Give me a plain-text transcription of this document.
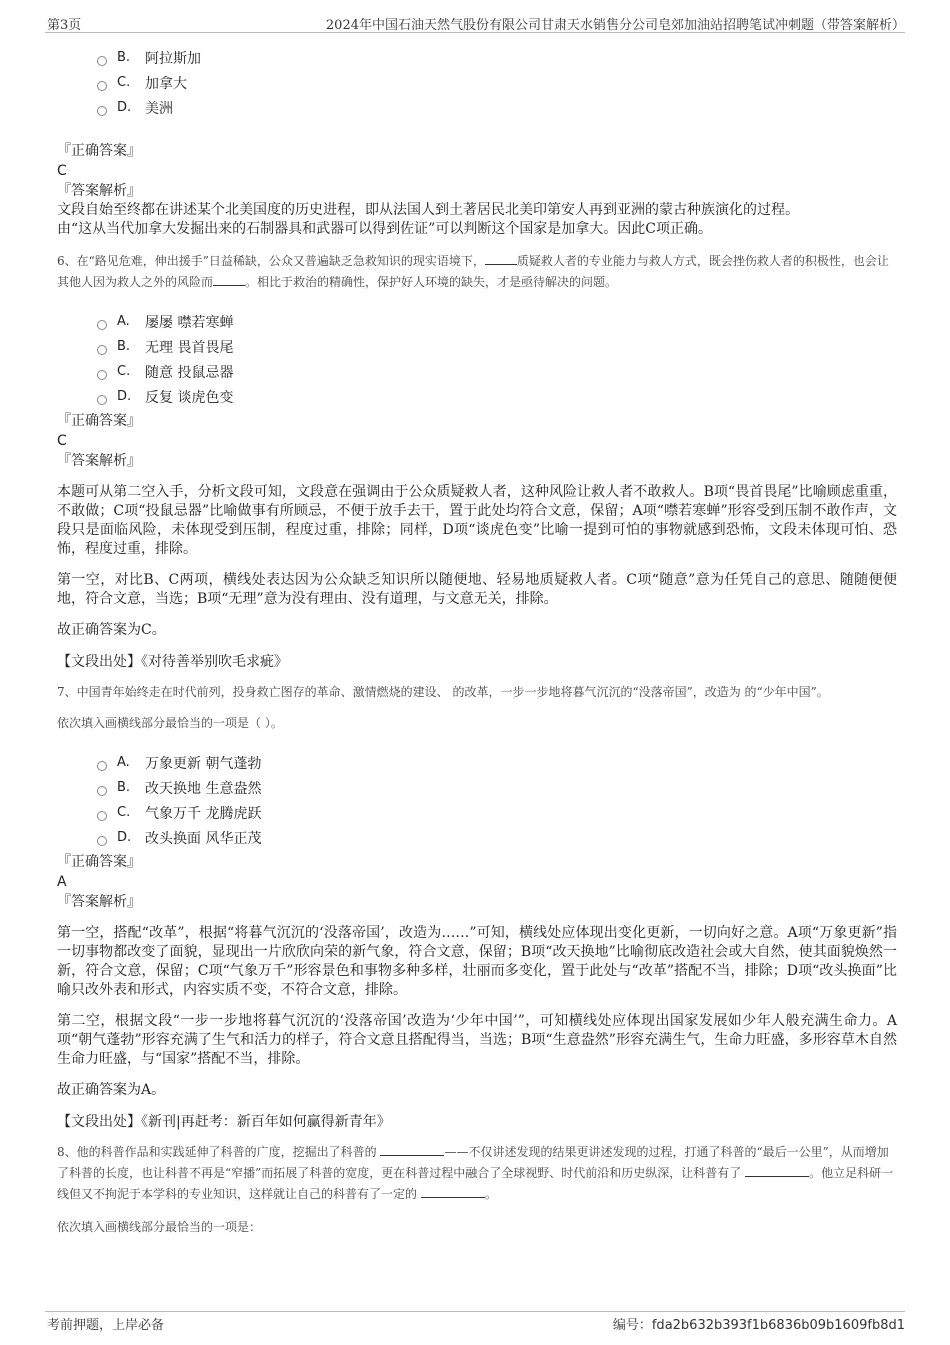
第3页	2024年中国石油天然气股份有限公司甘肃天水销售分公司皂郊加油站招聘笔试冲刺题（带答案解析）
B.	阿拉斯加
C.	加拿大
D. 美洲
『正确答案』
C
『答案解析』

文段自始至终都在讲述某个北美国度的历史进程，即从法国人到土著居民北美印第安人再到亚洲的蒙古种族演化的过程。

由“这从当代加拿大发掘出来的石制器具和武器可以得到佐证”可以判断这个国家是加拿大。因此C项正确。

6、在“路见危难，伸出援手”日益稀缺，公众又普遍缺乏急救知识的现实语境下，	质疑救人者的专业能力与救人方式，既会挫伤救人者的积极性，也会让其他人因为救人之外的风险而	。相比于救治的精确性，保护好人环境的缺失，才是亟待解决的问题。

A.	屡屡 噤若寒蝉
B.	无理 畏首畏尾
C.	随意 投鼠忌器
D. 反复 谈虎色变
『正确答案』
C
『答案解析』

本题可从第二空入手，分析文段可知，文段意在强调由于公众质疑救人者，这种风险让救人者不敢救人。B项“畏首畏尾”比喻顾虑重重，不敢做；C项“投鼠忌器”比喻做事有所顾忌，不便于放手去干，置于此处均符合文意，保留；A项“噤若寒蝉”形容受到压制不敢作声，文段只是面临风险，未体现受到压制，程度过重，排除；同样，D项“谈虎色变”比喻一提到可怕的事物就感到恐怖，文段未体现可怕、恐怖，程度过重，排除。

第一空，对比B、C两项，横线处表达因为公众缺乏知识所以随便地、轻易地质疑救人者。C项“随意”意为任凭自己的意思、随随便便地，符合文意，当选；B项“无理”意为没有理由、没有道理，与文意无关，排除。

故正确答案为C。

【文段出处】《对待善举别吹毛求疵》

7、中国青年始终走在时代前列，投身救亡图存的革命、激情燃烧的建设、 的改革，一步一步地将暮气沉沉的“没落帝国”，改造为 的“少年中国”。

依次填入画横线部分最恰当的一项是（ ）。

A.	万象更新 朝气蓬勃
B.	改天换地 生意盎然
C.	气象万千 龙腾虎跃
D. 改头换面 风华正茂
『正确答案』
A
『答案解析』

第一空，搭配“改革”，根据“将暮气沉沉的‘没落帝国’，改造为……”可知，横线处应体现出变化更新，一切向好之意。A项“万象更新”指一切事物都改变了面貌，显现出一片欣欣向荣的新气象，符合文意，保留；B项“改天换地”比喻彻底改造社会或大自然，使其面貌焕然一新，符合文意，保留；C项“气象万千”形容景色和事物多种多样，壮丽而多变化，置于此处与“改革”搭配不当，排除；D项“改头换面”比喻只改外表和形式，内容实质不变，不符合文意，排除。

第二空，根据文段“一步一步地将暮气沉沉的‘没落帝国’改造为‘少年中国’”，可知横线处应体现出国家发展如少年人般充满生命力。A项“朝气蓬勃”形容充满了生气和活力的样子，符合文意且搭配得当，当选；B项“生意盎然”形容充满生气，生命力旺盛，多形容草木自然生命力旺盛，与“国家”搭配不当，排除。

故正确答案为A。

【文段出处】《新刊|再赶考：新百年如何赢得新青年》

8、他的科普作品和实践延伸了科普的广度，挖掘出了科普的	——不仅讲述发现的结果更讲述发现的过程，打通了科普的“最后一公里”，从而增加了科普的长度，也让科普不再是“窄播”而拓展了科普的宽度，更在科普过程中融合了全球视野、时代前沿和历史纵深，让科普有了	。他立足科研一线但又不拘泥于本学科的专业知识，这样就让自己的科普有了一定的	。

依次填入画横线部分最恰当的一项是：

考前押题，上岸必备	编号：fda2b632b393f1b6836b09b1609fb8d1
